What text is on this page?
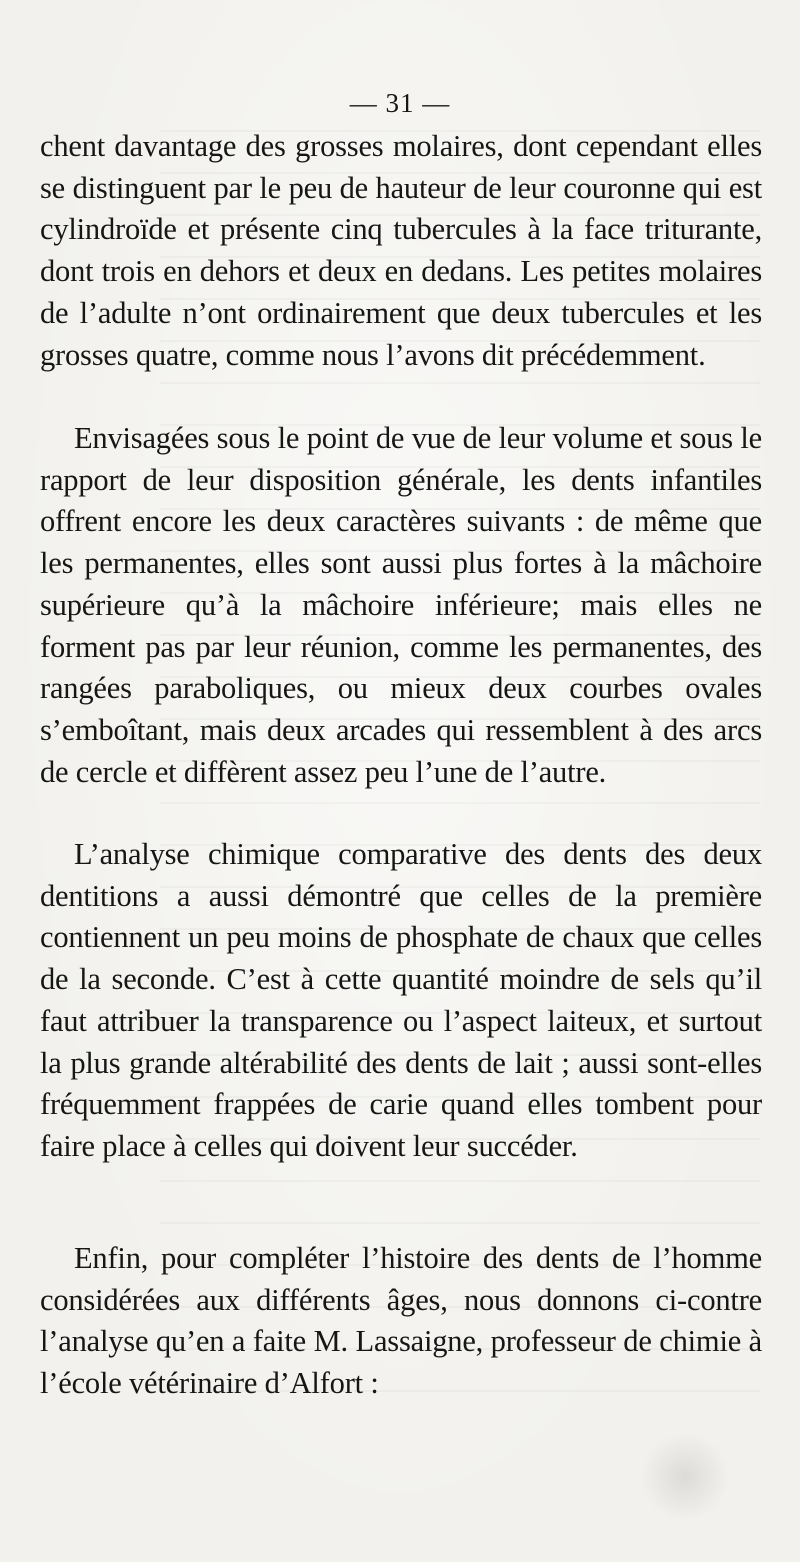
— 31 —

chent davantage des grosses molaires, dont cependant elles se distinguent par le peu de hauteur de leur couronne qui est cylindroïde et présente cinq tubercules à la face triturante, dont trois en dehors et deux en dedans. Les petites molaires de l’adulte n’ont ordinairement que deux tubercules et les grosses quatre, comme nous l’avons dit précédemment.

Envisagées sous le point de vue de leur volume et sous le rapport de leur disposition générale, les dents infantiles offrent encore les deux caractères suivants : de même que les permanentes, elles sont aussi plus fortes à la mâchoire supérieure qu’à la mâchoire inférieure; mais elles ne forment pas par leur réunion, comme les permanentes, des rangées paraboliques, ou mieux deux courbes ovales s’emboîtant, mais deux arcades qui ressemblent à des arcs de cercle et diffèrent assez peu l’une de l’autre.

L’analyse chimique comparative des dents des deux dentitions a aussi démontré que celles de la première contiennent un peu moins de phosphate de chaux que celles de la seconde. C’est à cette quantité moindre de sels qu’il faut attribuer la transparence ou l’aspect laiteux, et surtout la plus grande altérabilité des dents de lait ; aussi sont-elles fréquemment frappées de carie quand elles tombent pour faire place à celles qui doivent leur succéder.

Enfin, pour compléter l’histoire des dents de l’homme considérées aux différents âges, nous donnons ci-contre l’analyse qu’en a faite M. Lassaigne, professeur de chimie à l’école vétérinaire d’Alfort :
